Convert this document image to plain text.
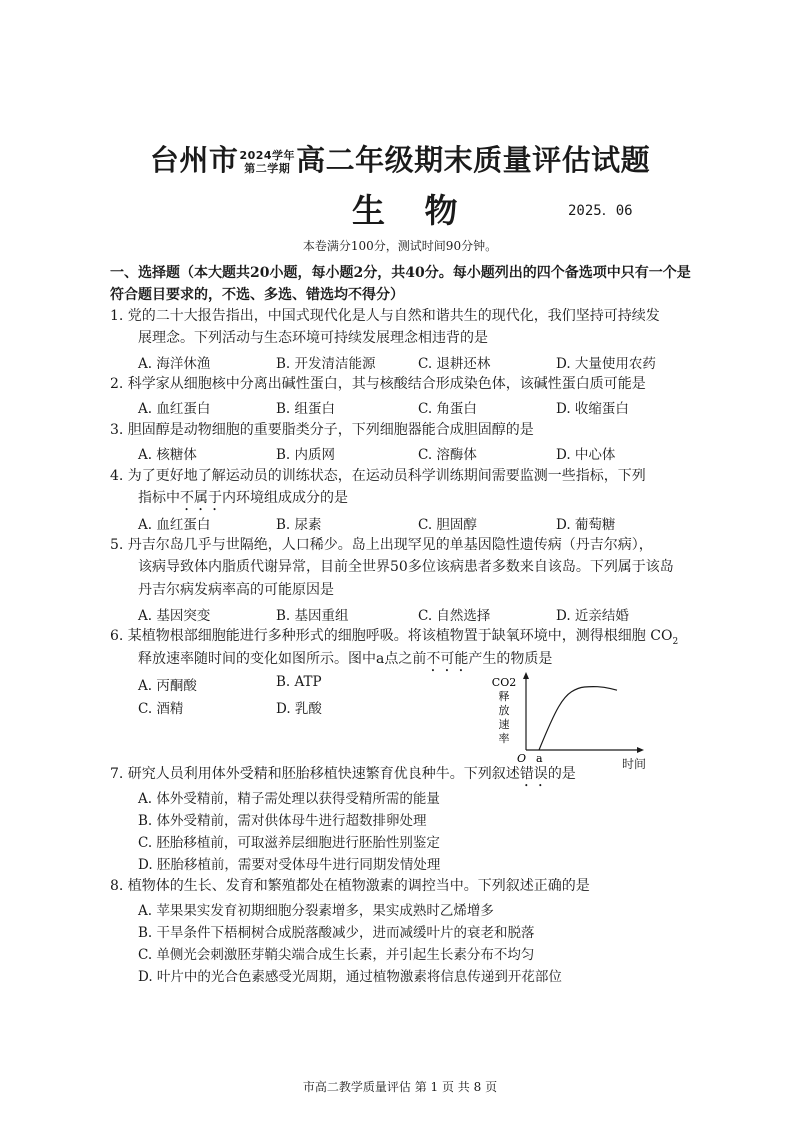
台州市2024学年
第二学期 高二年级期末质量评估试题
生 物	2025．06
本卷满分100分，测试时间90分钟。
一、选择题（本大题共20小题，每小题2分，共40分。每小题列出的四个备选项中只有一个是符合题目要求的，不选、多选、错选均不得分）
1. 党的二十大报告指出，中国式现代化是人与自然和谐共生的现代化，我们坚持可持续发
展理念。下列活动与生态环境可持续发展理念相违背的是
A. 海洋休渔	B. 开发清洁能源	C. 退耕还林	D. 大量使用农药
2. 科学家从细胞核中分离出碱性蛋白，其与核酸结合形成染色体，该碱性蛋白质可能是
A. 血红蛋白	B. 组蛋白	C. 角蛋白	D. 收缩蛋白
3. 胆固醇是动物细胞的重要脂类分子，下列细胞器能合成胆固醇的是
A. 核糖体	B. 内质网	C. 溶酶体	D. 中心体
4. 为了更好地了解运动员的训练状态，在运动员科学训练期间需要监测一些指标，下列
指标中不属于内环境组成成分的是
A. 血红蛋白	B. 尿素	C. 胆固醇	D. 葡萄糖
5. 丹吉尔岛几乎与世隔绝，人口稀少。岛上出现罕见的单基因隐性遗传病（丹吉尔病），
该病导致体内脂质代谢异常，目前全世界50多位该病患者多数来自该岛。下列属于该岛
丹吉尔病发病率高的可能原因是
A. 基因突变	B. 基因重组	C. 自然选择	D. 近亲结婚
6. 某植物根部细胞能进行多种形式的细胞呼吸。将该植物置于缺氧环境中，测得根细胞 $CO_2$
释放速率随时间的变化如图所示。图中a点之前不可能产生的物质是
A. 丙酮酸	B. ATP
C. 酒精	D. 乳酸
CO2 释放速率
O a	时间
7. 研究人员利用体外受精和胚胎移植快速繁育优良种牛。下列叙述错误的是
A. 体外受精前，精子需处理以获得受精所需的能量
B. 体外受精前，需对供体母牛进行超数排卵处理
C. 胚胎移植前，可取滋养层细胞进行胚胎性别鉴定
D. 胚胎移植前，需要对受体母牛进行同期发情处理
8. 植物体的生长、发育和繁殖都处在植物激素的调控当中。下列叙述正确的是
A. 苹果果实发育初期细胞分裂素增多，果实成熟时乙烯增多
B. 干旱条件下梧桐树合成脱落酸减少，进而减缓叶片的衰老和脱落
C. 单侧光会刺激胚芽鞘尖端合成生长素，并引起生长素分布不均匀
D. 叶片中的光合色素感受光周期，通过植物激素将信息传递到开花部位
市高二教学质量评估 第 1 页 共 8 页
